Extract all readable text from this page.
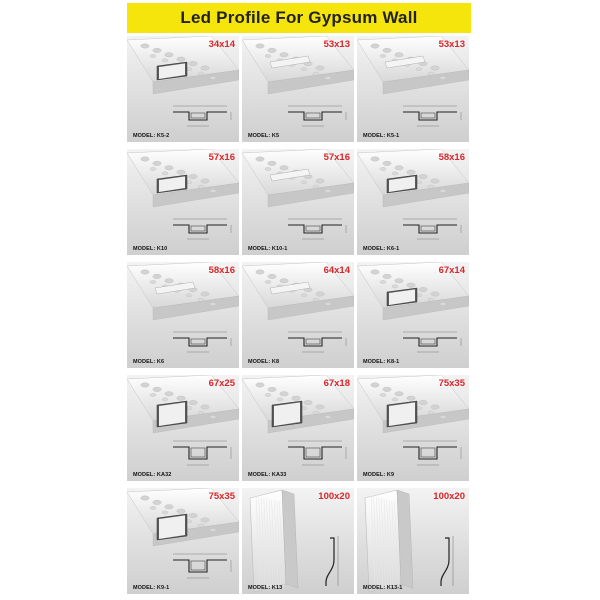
Led Profile For Gypsum Wall
34x14
MODEL: K5-2
53x13
MODEL: K5
53x13
MODEL: K5-1
57x16
MODEL: K10
57x16
MODEL: K10-1
58x16
MODEL: K6-1
58x16
MODEL: K6
64x14
MODEL: K8
67x14
MODEL: K8-1
67x25
MODEL: KA32
67x18
MODEL: KA33
75x35
MODEL: K9
75x35
MODEL: K9-1
100x20
MODEL: K13
100x20
MODEL: K13-1
